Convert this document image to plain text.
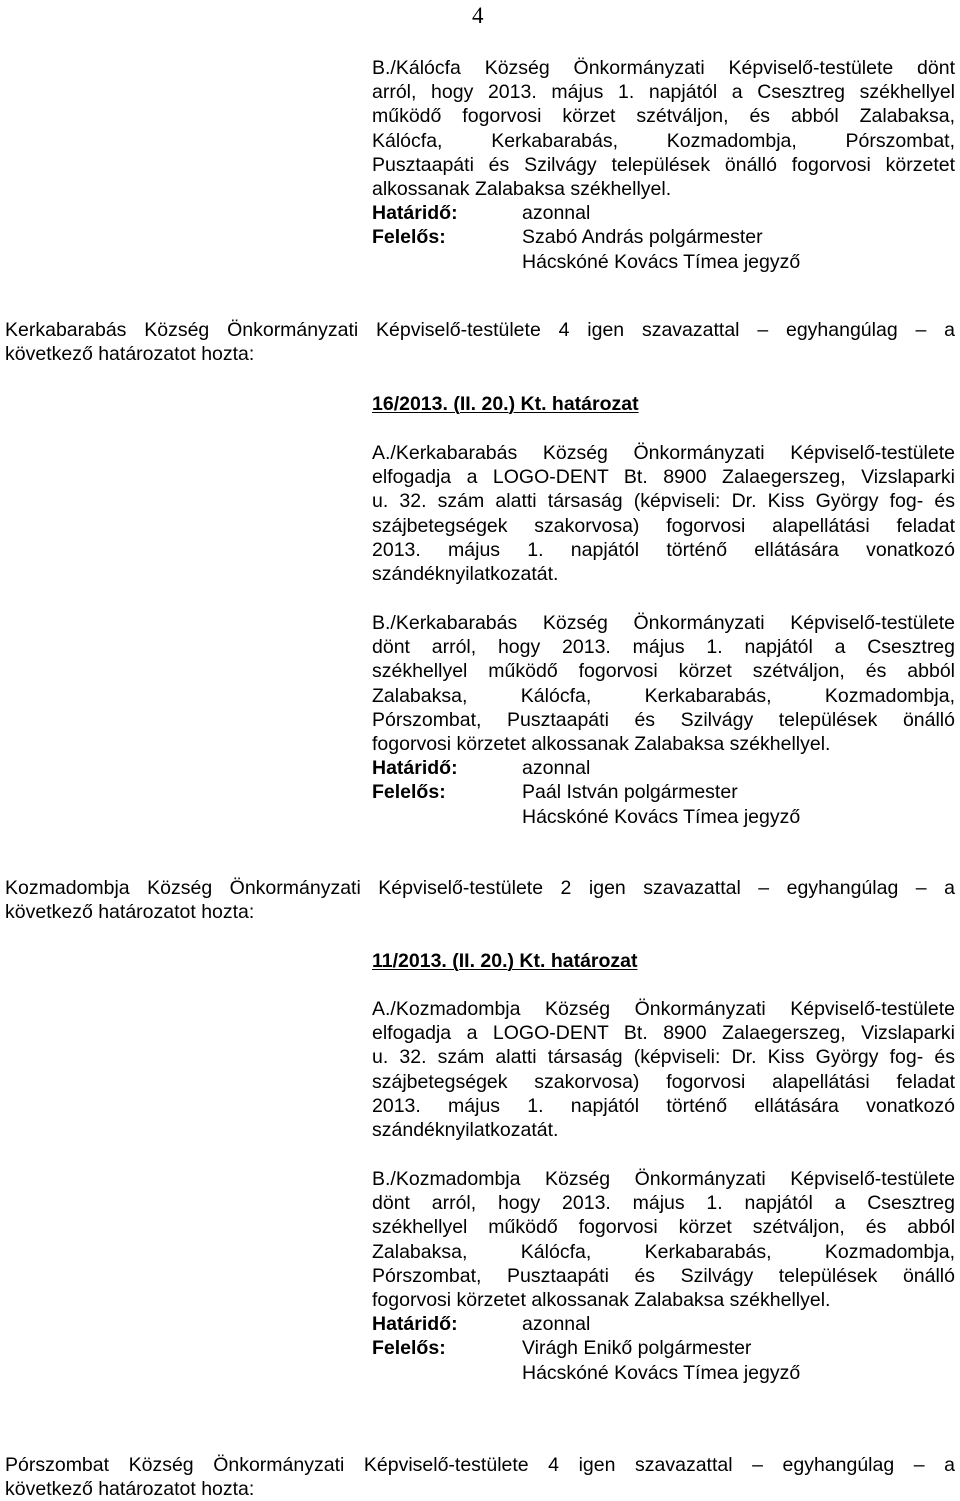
4
B./Kálócfa Község Önkormányzati Képviselő-testülete dönt
arról, hogy 2013. május 1. napjától a Csesztreg székhellyel
működő fogorvosi körzet szétváljon, és abból Zalabaksa,
Kálócfa, Kerkabarabás, Kozmadombja, Pórszombat,
Pusztaapáti és Szilvágy települések önálló fogorvosi körzetet
alkossanak Zalabaksa székhellyel.
Határidő:	azonnal
Felelős:	Szabó András polgármester
Hácskóné Kovács Tímea jegyző
Kerkabarabás Község Önkormányzati Képviselő-testülete 4 igen szavazattal – egyhangúlag – a
következő határozatot hozta:
16/2013. (II. 20.) Kt. határozat
A./Kerkabarabás Község Önkormányzati Képviselő-testülete
elfogadja a LOGO-DENT Bt. 8900 Zalaegerszeg, Vizslaparki
u. 32. szám alatti társaság (képviseli: Dr. Kiss György fog- és
szájbetegségek szakorvosa) fogorvosi alapellátási feladat
2013. május 1. napjától történő ellátására vonatkozó
szándéknyilatkozatát.
B./Kerkabarabás Község Önkormányzati Képviselő-testülete
dönt arról, hogy 2013. május 1. napjától a Csesztreg
székhellyel működő fogorvosi körzet szétváljon, és abból
Zalabaksa, Kálócfa, Kerkabarabás, Kozmadombja,
Pórszombat, Pusztaapáti és Szilvágy települések önálló
fogorvosi körzetet alkossanak Zalabaksa székhellyel.
Határidő:	azonnal
Felelős:	Paál István polgármester
Hácskóné Kovács Tímea jegyző
Kozmadombja Község Önkormányzati Képviselő-testülete 2 igen szavazattal – egyhangúlag – a
következő határozatot hozta:
11/2013. (II. 20.) Kt. határozat
A./Kozmadombja Község Önkormányzati Képviselő-testülete
elfogadja a LOGO-DENT Bt. 8900 Zalaegerszeg, Vizslaparki
u. 32. szám alatti társaság (képviseli: Dr. Kiss György fog- és
szájbetegségek szakorvosa) fogorvosi alapellátási feladat
2013. május 1. napjától történő ellátására vonatkozó
szándéknyilatkozatát.
B./Kozmadombja Község Önkormányzati Képviselő-testülete
dönt arról, hogy 2013. május 1. napjától a Csesztreg
székhellyel működő fogorvosi körzet szétváljon, és abból
Zalabaksa, Kálócfa, Kerkabarabás, Kozmadombja,
Pórszombat, Pusztaapáti és Szilvágy települések önálló
fogorvosi körzetet alkossanak Zalabaksa székhellyel.
Határidő:	azonnal
Felelős:	Virágh Enikő polgármester
Hácskóné Kovács Tímea jegyző
Pórszombat Község Önkormányzati Képviselő-testülete 4 igen szavazattal – egyhangúlag – a
következő határozatot hozta:
